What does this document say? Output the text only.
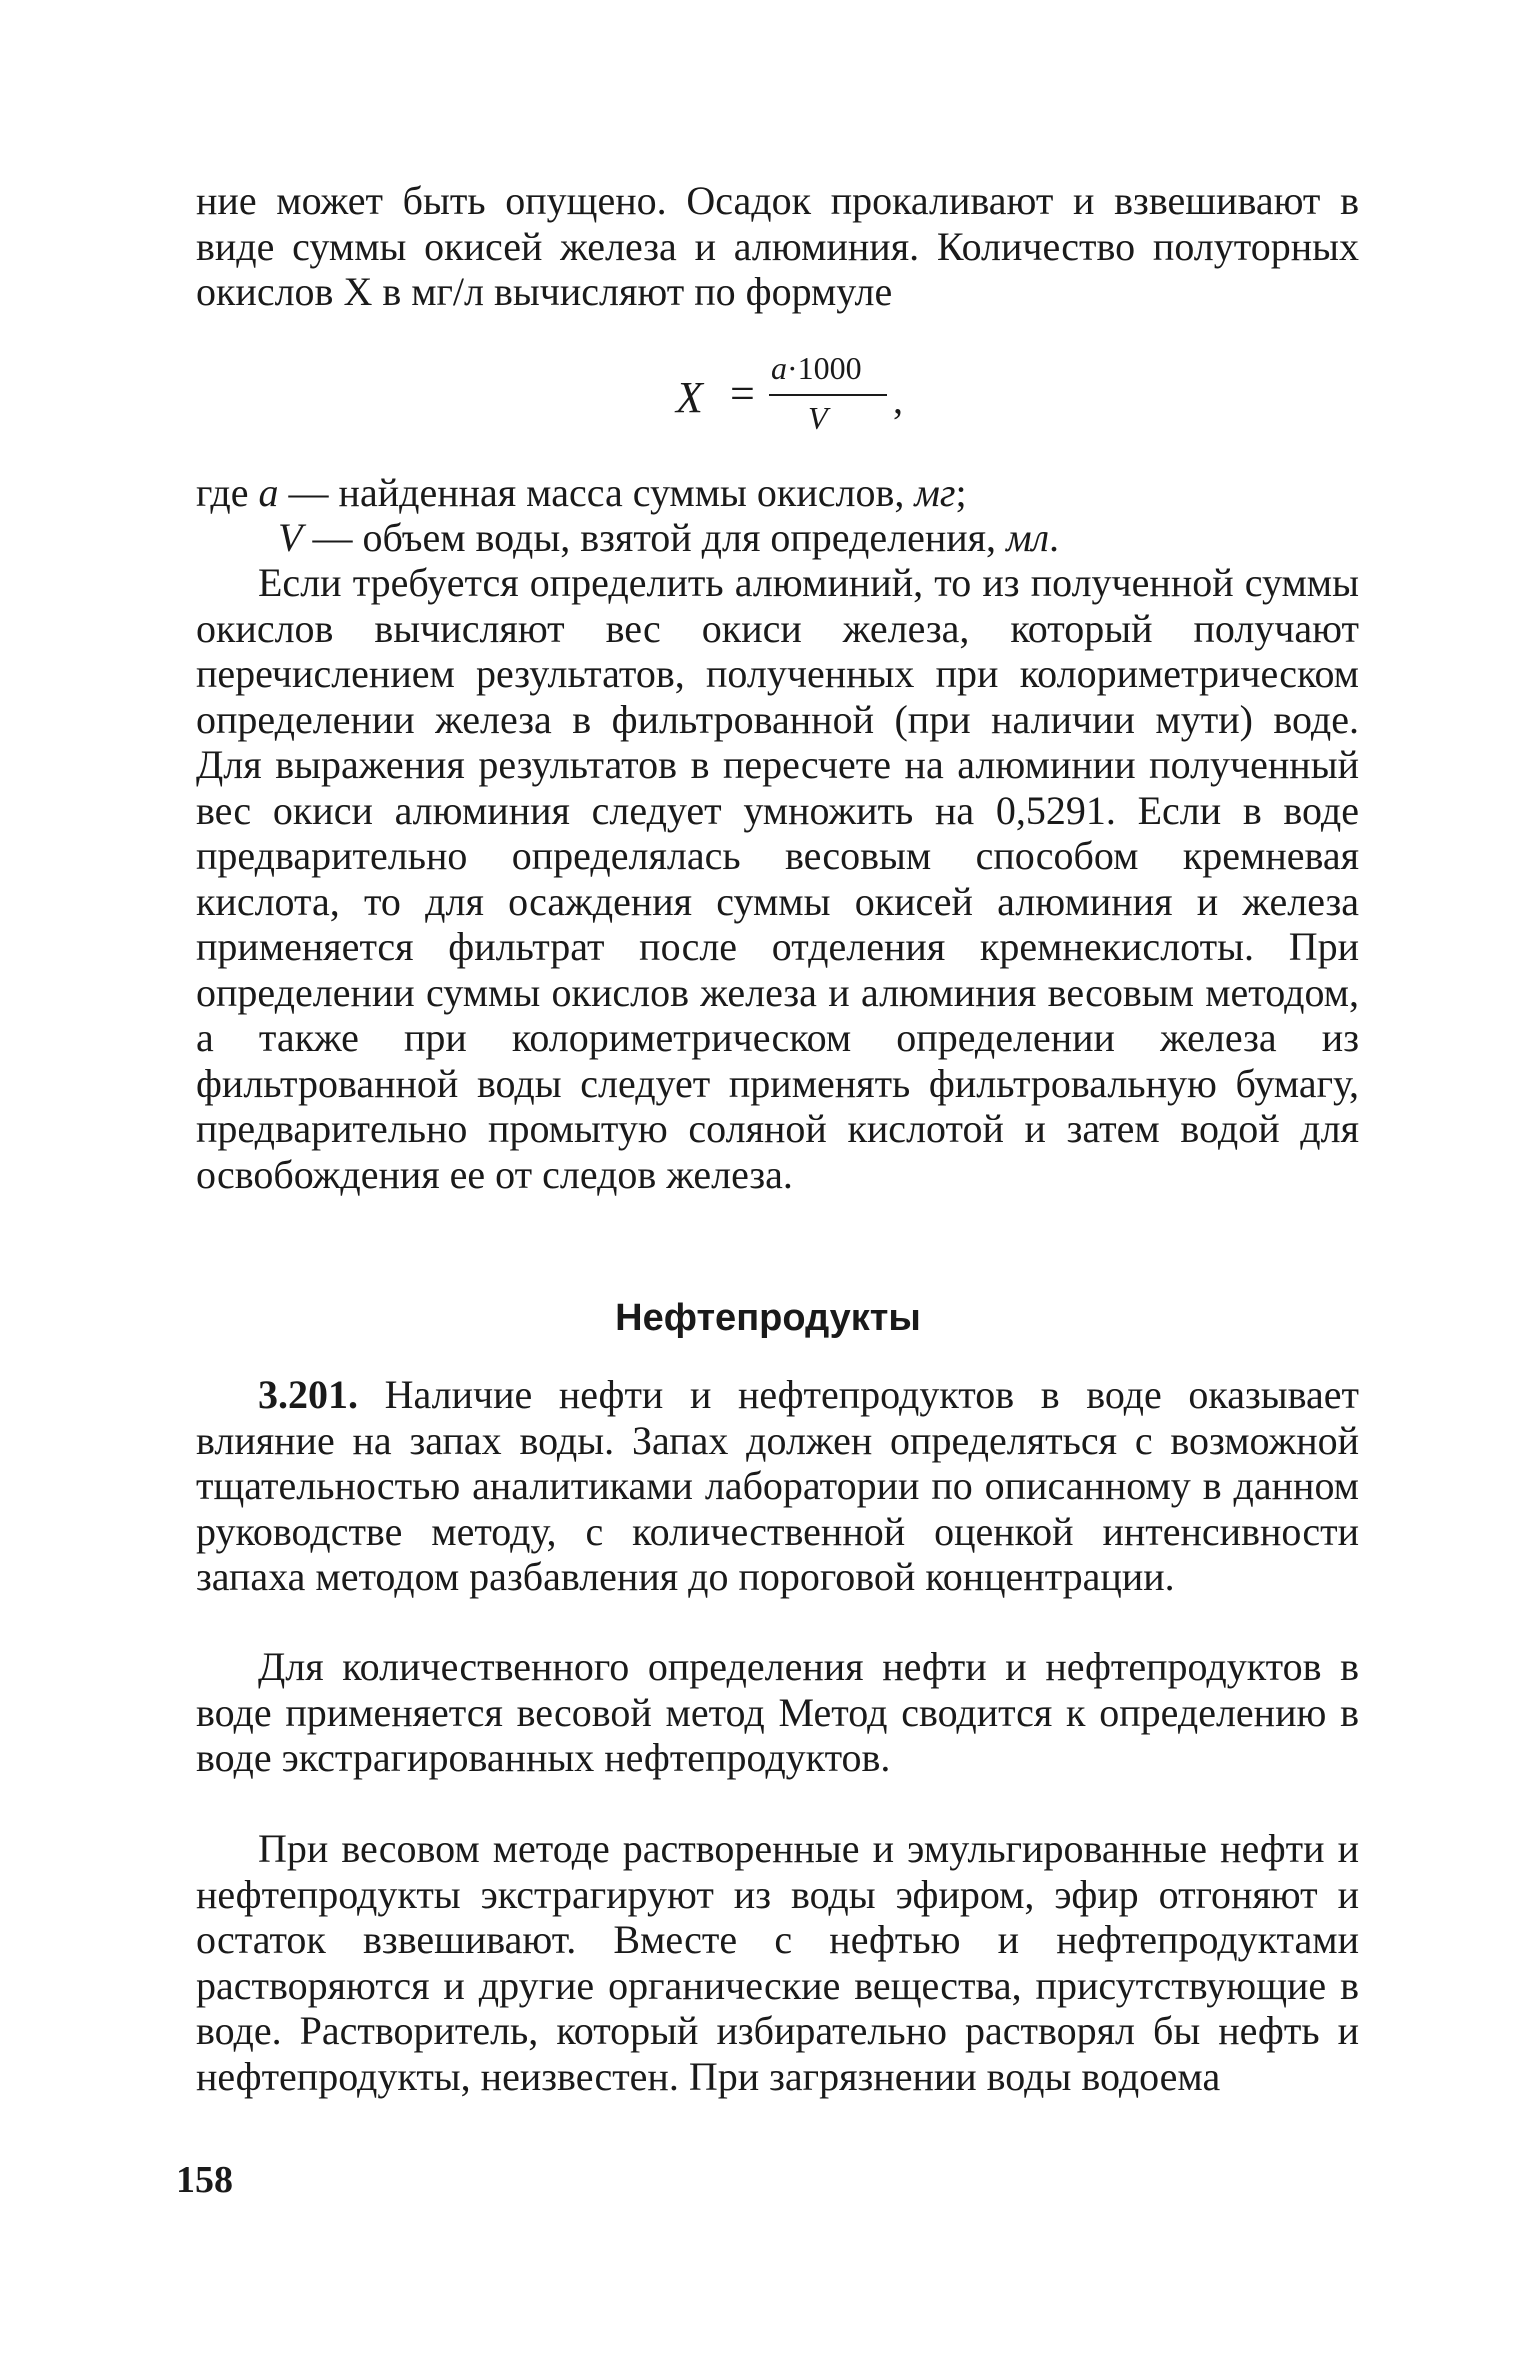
ние может быть опущено. Осадок прокаливают и взвешивают в виде суммы окисей железа и алюминия. Количество полуторных окислов X в мг/л вычисляют по формуле

X =
a·1000
V ,
где a — найденная масса суммы окислов, мг;
V — объем воды, взятой для определения, мл.

Если требуется определить алюминий, то из полученной суммы окислов вычисляют вес окиси железа, который получают перечислением результатов, полученных при колориметрическом определении железа в фильтрованной (при наличии мути) воде. Для выражения результатов в пересчете на алюминии полученный вес окиси алюминия следует умножить на 0,5291. Если в воде предварительно определялась весовым способом кремневая кислота, то для осаждения суммы окисей алюминия и железа применяется фильтрат после отделения кремнекислоты. При определении суммы окислов железа и алюминия весовым методом, а также при колориметрическом определении железа из фильтрованной воды следует применять фильтровальную бумагу, предварительно промытую соляной кислотой и затем водой для освобождения ее от следов железа.

Нефтепродукты

3.201. Наличие нефти и нефтепродуктов в воде оказывает влияние на запах воды. Запах должен определяться с возможной тщательностью аналитиками лаборатории по описанному в данном руководстве методу, с количественной оценкой интенсивности запаха методом разбавления до пороговой концентрации.

Для количественного определения нефти и нефтепродуктов в воде применяется весовой метод Метод сводится к определению в воде экстрагированных нефтепродуктов.

При весовом методе растворенные и эмульгированные нефти и нефтепродукты экстрагируют из воды эфиром, эфир отгоняют и остаток взвешивают. Вместе с нефтью и нефтепродуктами растворяются и другие органические вещества, присутствующие в воде. Растворитель, который избирательно растворял бы нефть и нефтепродукты, неизвестен. При загрязнении воды водоема

158
